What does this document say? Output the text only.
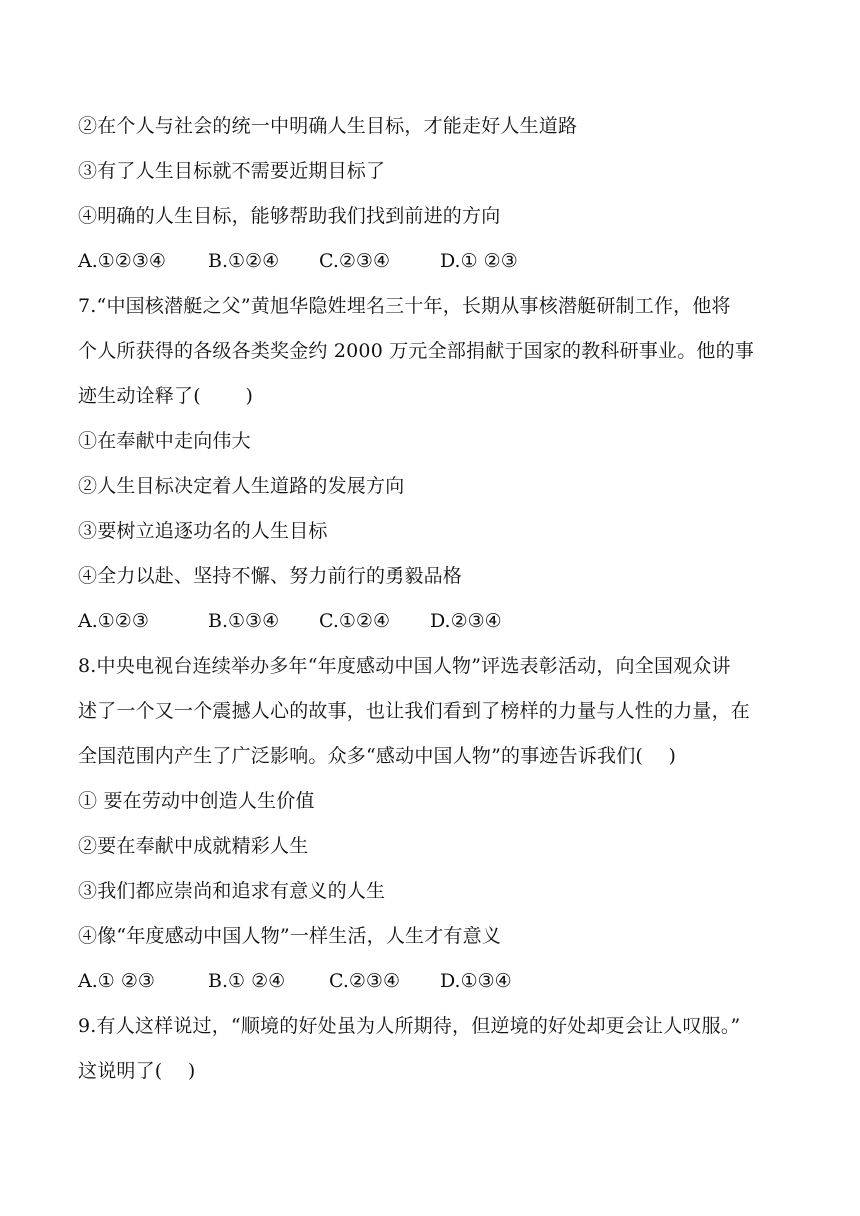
②在个人与社会的统一中明确人生目标，才能走好人生道路
③有了人生目标就不需要近期目标了
④明确的人生目标，能够帮助我们找到前进的方向

A.①②③④

B.①②④

C.②③④

	D.① ②③

7.“中国核潜艇之父”黄旭华隐姓埋名三十年，长期从事核潜艇研制工作，他将
个人所获得的各级各类奖金约 2000 万元全部捐献于国家的教科研事业。他的事
迹生动诠释了(　　 )
①在奉献中走向伟大
②人生目标决定着人生道路的发展方向
③要树立追逐功名的人生目标
④全力以赴、坚持不懈、努力前行的勇毅品格

A.①②③

	B.①③④

C.①②④

D.②③④

8.中央电视台连续举办多年“年度感动中国人物”评选表彰活动，向全国观众讲
述了一个又一个震撼人心的故事，也让我们看到了榜样的力量与人性的力量，在
全国范围内产生了广泛影响。众多“感动中国人物”的事迹告诉我们(　 )
① 要在劳动中创造人生价值
②要在奉献中成就精彩人生
③我们都应崇尚和追求有意义的人生
④像“年度感动中国人物”一样生活，人生才有意义

A.① ②③

	B.① ②④

C.②③④

D.①③④

9.有人这样说过，“顺境的好处虽为人所期待，但逆境的好处却更会让人叹服。”
这说明了(　 )
